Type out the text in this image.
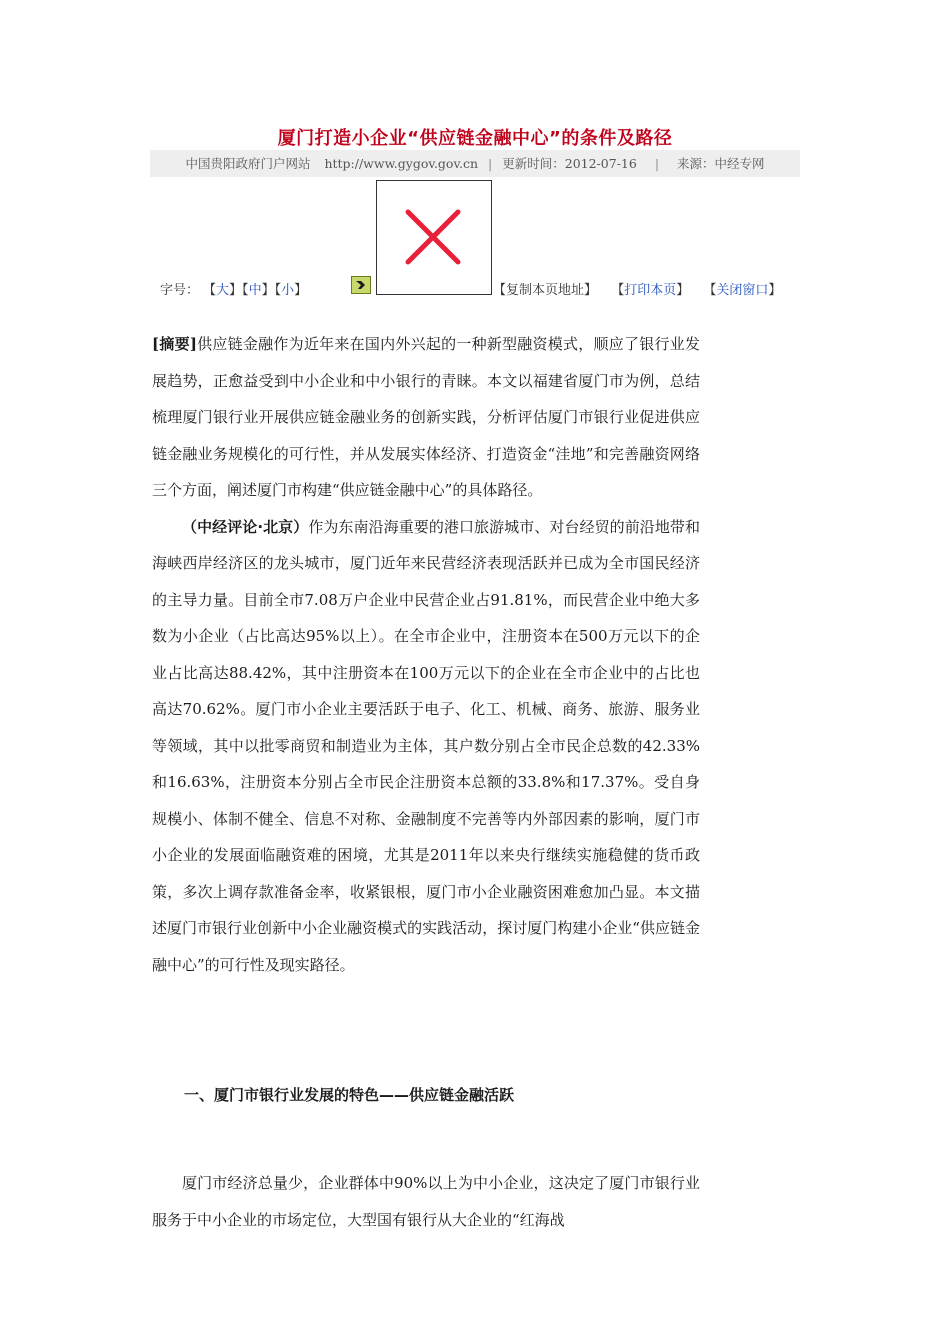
厦门打造小企业“供应链金融中心”的条件及路径
中国贵阳政府门户网站 http://www.gygov.gov.cn | 更新时间：2012-07-16 | 来源：中经专网
字号： 【大】【中】【小】	【复制本页地址】 【打印本页】 【关闭窗口】

[摘要]供应链金融作为近年来在国内外兴起的一种新型融资模式，顺应了银行业发展趋势，正愈益受到中小企业和中小银行的青睐。本文以福建省厦门市为例，总结梳理厦门银行业开展供应链金融业务的创新实践，分析评估厦门市银行业促进供应链金融业务规模化的可行性，并从发展实体经济、打造资金“洼地”和完善融资网络三个方面，阐述厦门市构建“供应链金融中心”的具体路径。

（中经评论·北京）作为东南沿海重要的港口旅游城市、对台经贸的前沿地带和海峡西岸经济区的龙头城市，厦门近年来民营经济表现活跃并已成为全市国民经济的主导力量。目前全市7.08万户企业中民营企业占91.81%，而民营企业中绝大多数为小企业（占比高达95%以上）。在全市企业中，注册资本在500万元以下的企业占比高达88.42%，其中注册资本在100万元以下的企业在全市企业中的占比也高达70.62%。厦门市小企业主要活跃于电子、化工、机械、商务、旅游、服务业等领域，其中以批零商贸和制造业为主体，其户数分别占全市民企总数的42.33%和16.63%，注册资本分别占全市民企注册资本总额的33.8%和17.37%。受自身规模小、体制不健全、信息不对称、金融制度不完善等内外部因素的影响，厦门市小企业的发展面临融资难的困境，尤其是2011年以来央行继续实施稳健的货币政策，多次上调存款准备金率，收紧银根，厦门市小企业融资困难愈加凸显。本文描述厦门市银行业创新中小企业融资模式的实践活动，探讨厦门构建小企业“供应链金融中心”的可行性及现实路径。

一、厦门市银行业发展的特色——供应链金融活跃

厦门市经济总量少，企业群体中90%以上为中小企业，这决定了厦门市银行业服务于中小企业的市场定位，大型国有银行从大企业的“红海战
